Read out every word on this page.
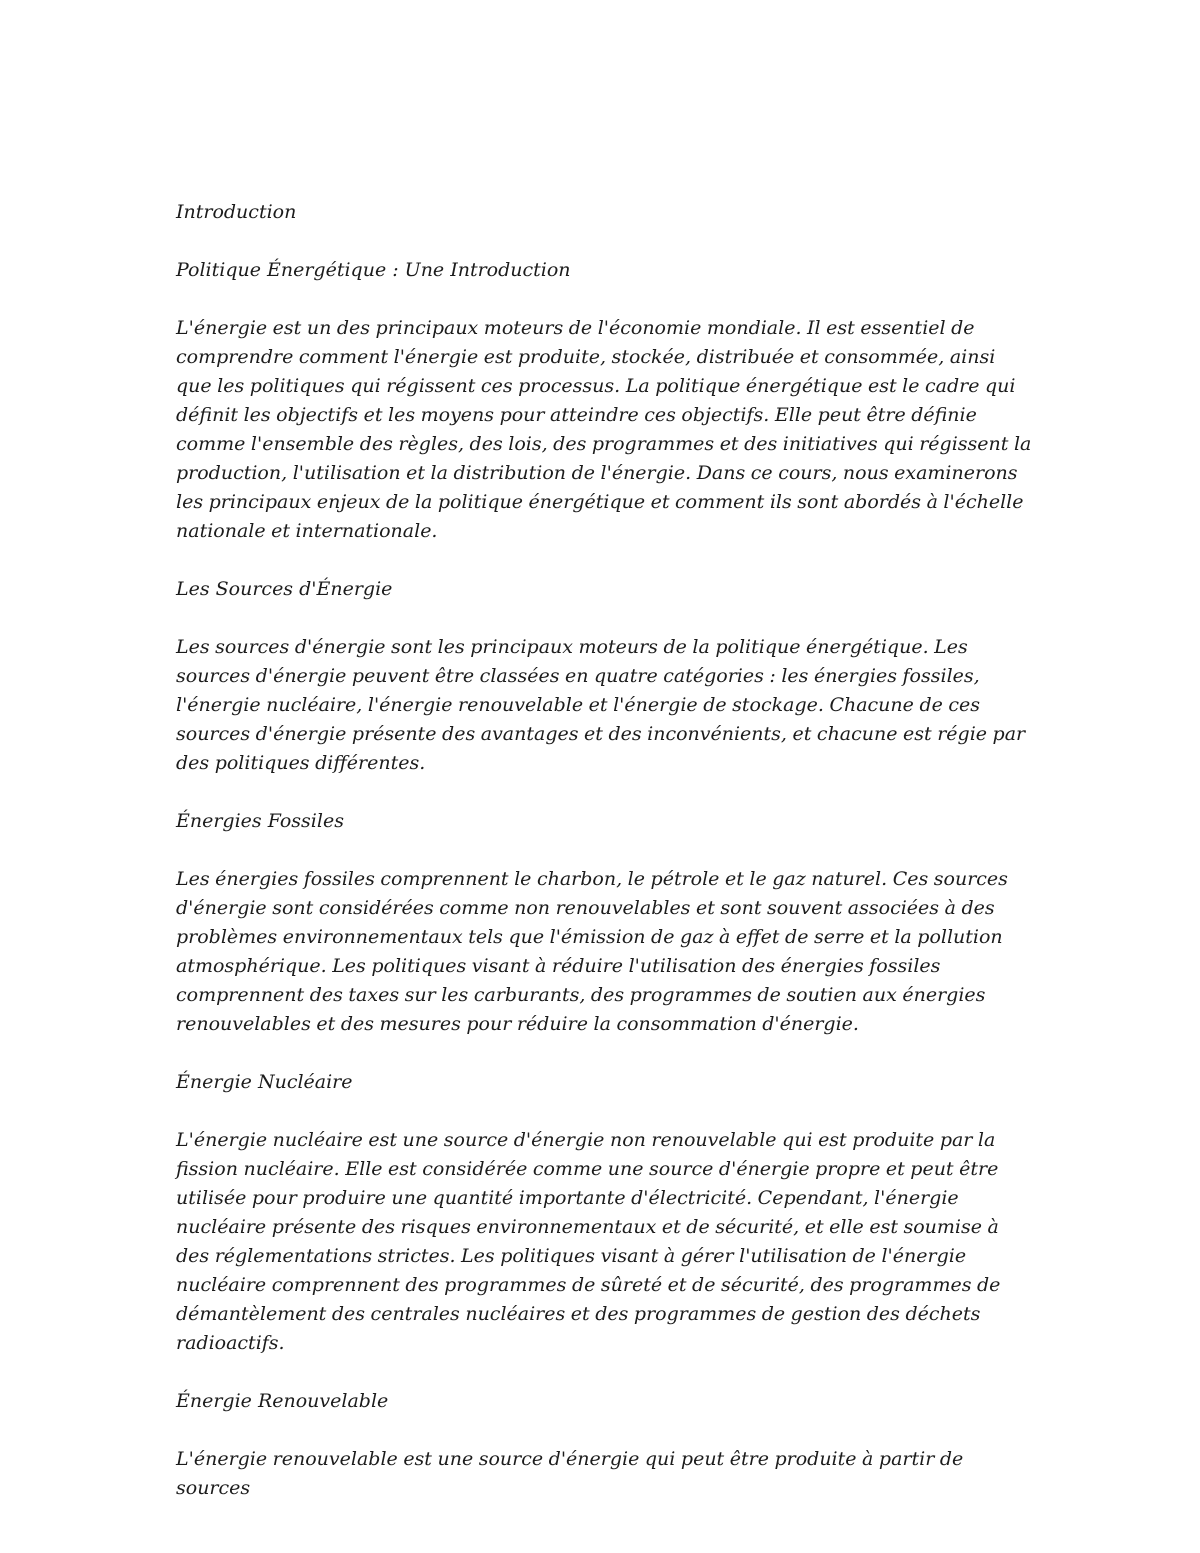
Introduction

Politique Énergétique : Une Introduction

L'énergie est un des principaux moteurs de l'économie mondiale. Il est essentiel de comprendre comment l'énergie est produite, stockée, distribuée et consommée, ainsi que les politiques qui régissent ces processus. La politique énergétique est le cadre qui définit les objectifs et les moyens pour atteindre ces objectifs. Elle peut être définie comme l'ensemble des règles, des lois, des programmes et des initiatives qui régissent la production, l'utilisation et la distribution de l'énergie. Dans ce cours, nous examinerons les principaux enjeux de la politique énergétique et comment ils sont abordés à l'échelle nationale et internationale.

Les Sources d'Énergie

Les sources d'énergie sont les principaux moteurs de la politique énergétique. Les sources d'énergie peuvent être classées en quatre catégories : les énergies fossiles, l'énergie nucléaire, l'énergie renouvelable et l'énergie de stockage. Chacune de ces sources d'énergie présente des avantages et des inconvénients, et chacune est régie par des politiques différentes.

Énergies Fossiles

Les énergies fossiles comprennent le charbon, le pétrole et le gaz naturel. Ces sources d'énergie sont considérées comme non renouvelables et sont souvent associées à des problèmes environnementaux tels que l'émission de gaz à effet de serre et la pollution atmosphérique. Les politiques visant à réduire l'utilisation des énergies fossiles comprennent des taxes sur les carburants, des programmes de soutien aux énergies renouvelables et des mesures pour réduire la consommation d'énergie.

Énergie Nucléaire

L'énergie nucléaire est une source d'énergie non renouvelable qui est produite par la fission nucléaire. Elle est considérée comme une source d'énergie propre et peut être utilisée pour produire une quantité importante d'électricité. Cependant, l'énergie nucléaire présente des risques environnementaux et de sécurité, et elle est soumise à des réglementations strictes. Les politiques visant à gérer l'utilisation de l'énergie nucléaire comprennent des programmes de sûreté et de sécurité, des programmes de démantèlement des centrales nucléaires et des programmes de gestion des déchets radioactifs.

Énergie Renouvelable

L'énergie renouvelable est une source d'énergie qui peut être produite à partir de sources
